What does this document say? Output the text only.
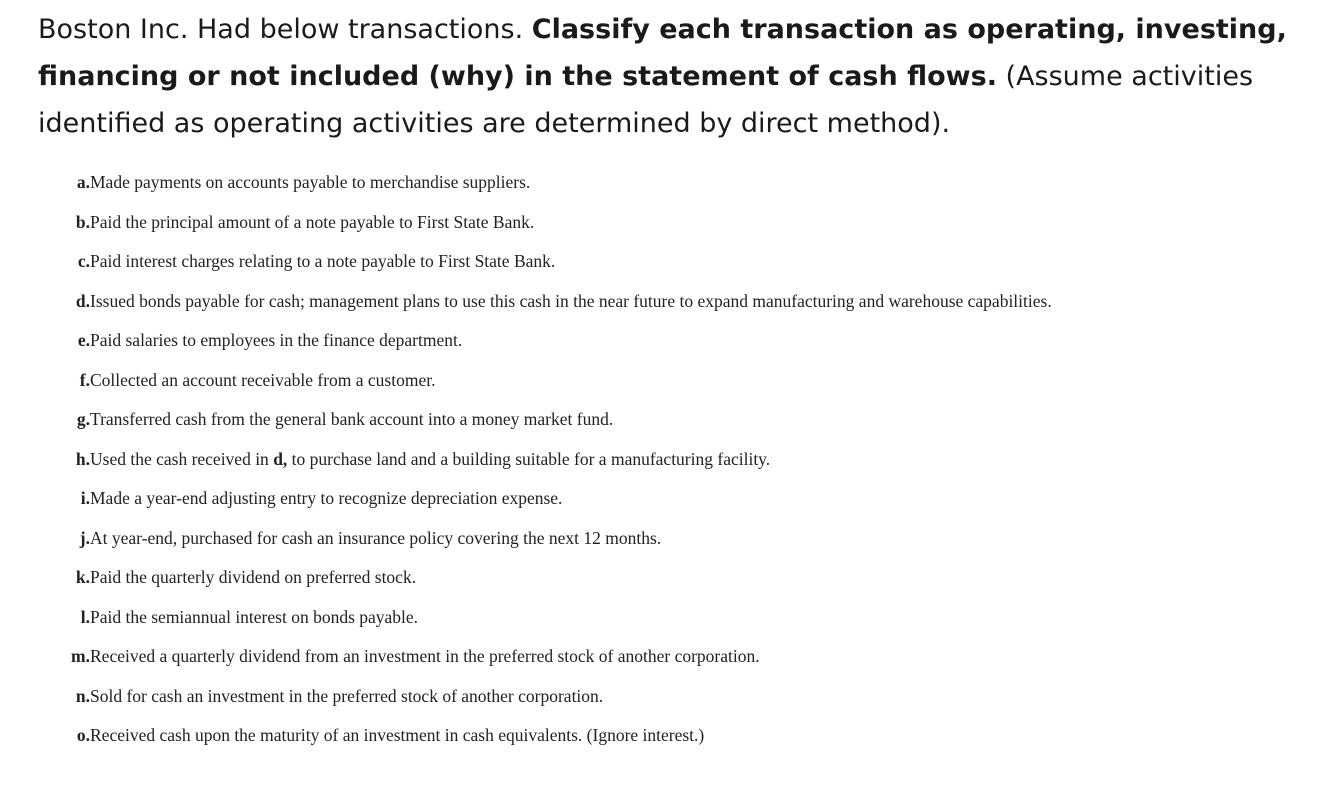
Boston Inc. Had below transactions. Classify each transaction as operating, investing, financing or not included (why) in the statement of cash flows. (Assume activities identified as operating activities are determined by direct method).
a. Made payments on accounts payable to merchandise suppliers.
b. Paid the principal amount of a note payable to First State Bank.
c. Paid interest charges relating to a note payable to First State Bank.
d. Issued bonds payable for cash; management plans to use this cash in the near future to expand manufacturing and warehouse capabilities.
e. Paid salaries to employees in the finance department.
f. Collected an account receivable from a customer.
g. Transferred cash from the general bank account into a money market fund.
h. Used the cash received in d, to purchase land and a building suitable for a manufacturing facility.
i. Made a year-end adjusting entry to recognize depreciation expense.
j. At year-end, purchased for cash an insurance policy covering the next 12 months.
k. Paid the quarterly dividend on preferred stock.
l. Paid the semiannual interest on bonds payable.
m. Received a quarterly dividend from an investment in the preferred stock of another corporation.
n. Sold for cash an investment in the preferred stock of another corporation.
o. Received cash upon the maturity of an investment in cash equivalents. (Ignore interest.)
